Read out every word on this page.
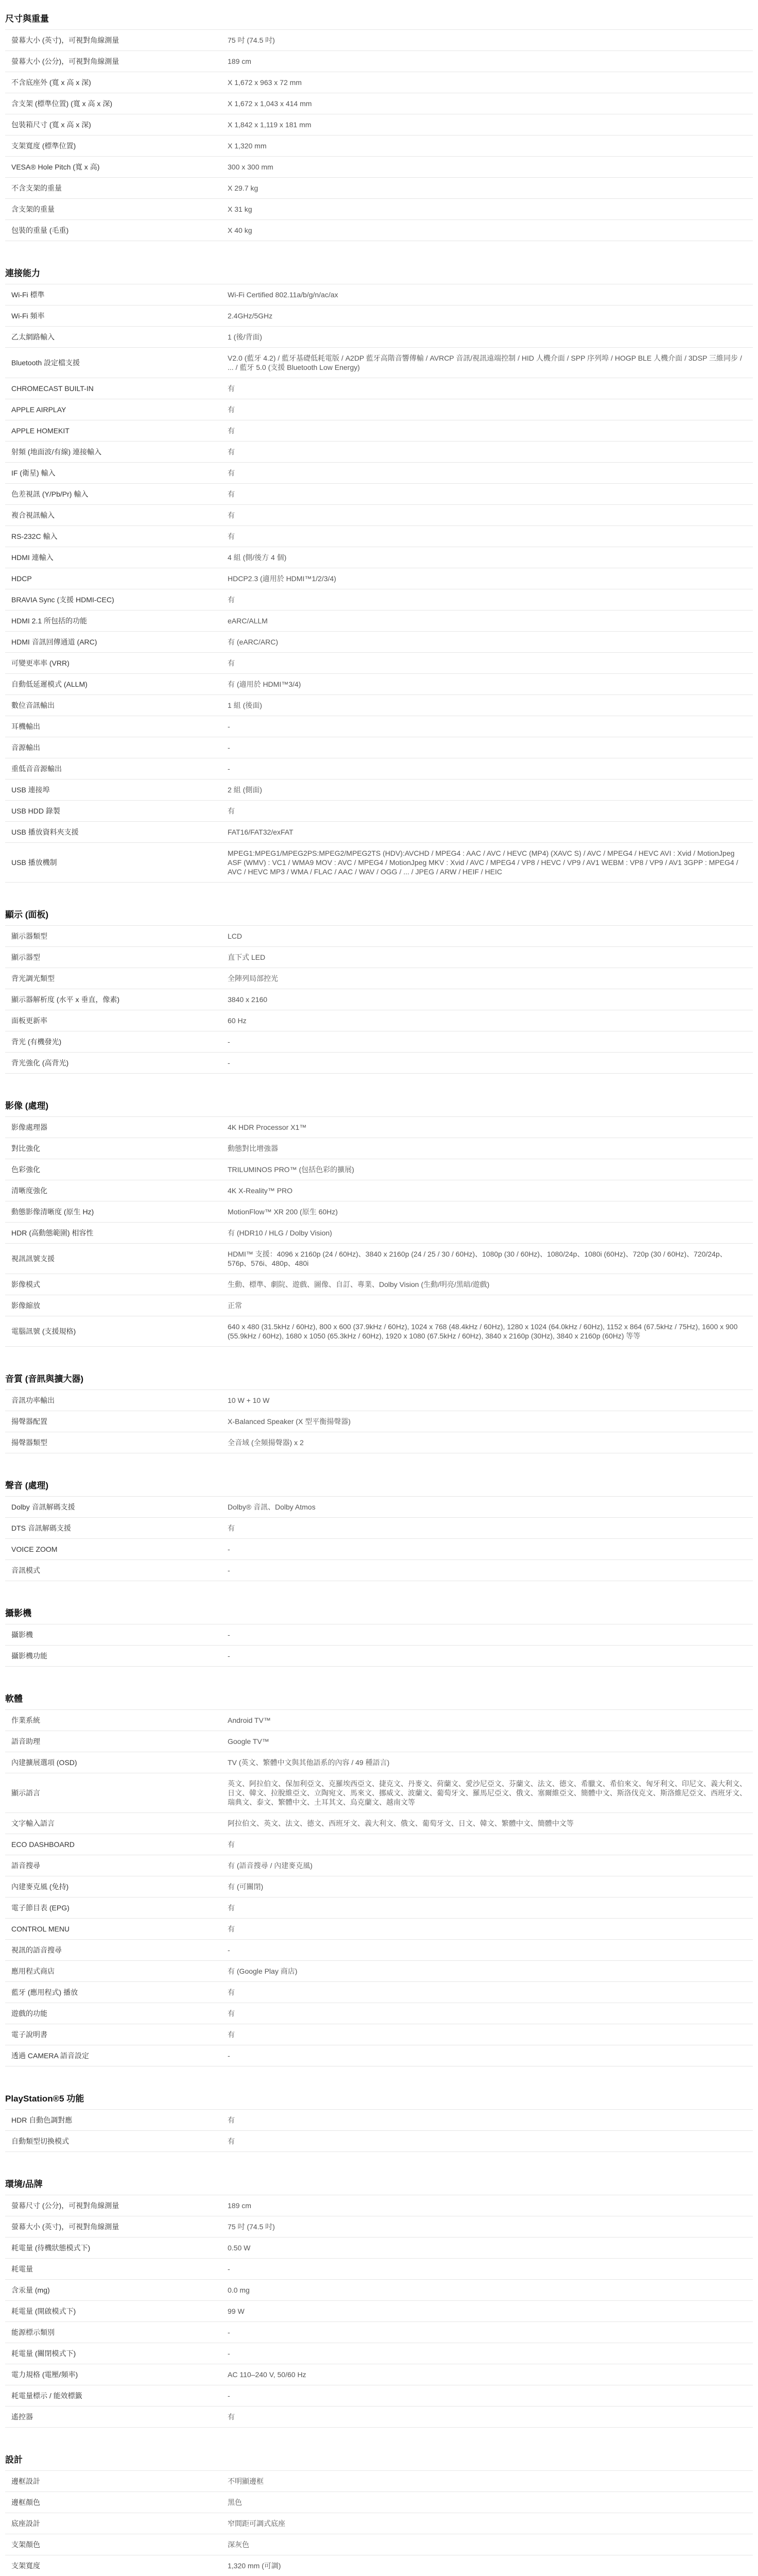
尺寸與重量
螢幕大小 (英寸)，可視對角線測量	75 吋 (74.5 吋)
螢幕大小 (公分)，可視對角線測量	189 cm
不含底座外 (寬 x 高 x 深)	X 1,672 x 963 x 72 mm
含支架 (標準位置) (寬 x 高 x 深)	X 1,672 x 1,043 x 414 mm
包裝箱尺寸 (寬 x 高 x 深)	X 1,842 x 1,119 x 181 mm
支架寬度 (標準位置)	X 1,320 mm
VESA® Hole Pitch (寬 x 高)	300 x 300 mm
不含支架的重量	X 29.7 kg
含支架的重量	X 31 kg
包裝的重量 (毛重)	X 40 kg
連接能力
Wi-Fi 標準	Wi-Fi Certified 802.11a/b/g/n/ac/ax
Wi-Fi 頻率	2.4GHz/5GHz
乙太網路輸入	1 (後/背面)
Bluetooth 設定檔支援	V2.0 (藍牙 4.2) / 藍牙基礎低耗電版 / A2DP 藍牙高階音響傳輸 / AVRCP 音訊/視訊遠端控制 / HID 人機介面 / SPP 序列埠 / HOGP BLE 人機介面 / 3DSP 三維同步 / ... / 藍牙 5.0 (支援 Bluetooth Low Energy)
CHROMECAST BUILT-IN	有
APPLE AIRPLAY	有
APPLE HOMEKIT	有
射頻 (地面波/有線) 連接輸入	有
IF (衛星) 輸入	有
色差視訊 (Y/Pb/Pr) 輸入	有
複合視訊輸入	有
RS-232C 輸入	有
HDMI 連輸入	4 組 (側/後方 4 個)
HDCP	HDCP2.3 (適用於 HDMI™1/2/3/4)
BRAVIA Sync (支援 HDMI-CEC)	有
HDMI 2.1 所包括的功能	eARC/ALLM
HDMI 音訊回傳通道 (ARC)	有 (eARC/ARC)
可變更率率 (VRR)	有
自動低延遲模式 (ALLM)	有 (適用於 HDMI™3/4)
數位音訊輸出	1 組 (後面)
耳機輸出	-
音源輸出	-
重低音音源輸出	-
USB 連接埠	2 組 (側面)
USB HDD 錄製	有
USB 播放資料夾支援	FAT16/FAT32/exFAT
USB 播放機制	MPEG1:MPEG1/MPEG2PS:MPEG2/MPEG2TS (HDV):AVCHD / MPEG4 : AAC / AVC / HEVC (MP4) (XAVC S) / AVC / MPEG4 / HEVC AVI : Xvid / MotionJpeg ASF (WMV) : VC1 / WMA9 MOV : AVC / MPEG4 / MotionJpeg MKV : Xvid / AVC / MPEG4 / VP8 / HEVC / VP9 / AV1 WEBM : VP8 / VP9 / AV1 3GPP : MPEG4 / AVC / HEVC MP3 / WMA / FLAC / AAC / WAV / OGG / ... / JPEG / ARW / HEIF / HEIC
顯示 (面板)
顯示器類型	LCD
顯示器型	直下式 LED
背光調光類型	全陣列局部控光
顯示器解析度 (水平 x 垂直，像素)	3840 x 2160
面板更新率	60 Hz
背光 (有機發光)	-
背光強化 (高背光)	-
影像 (處理)
影像處理器	4K HDR Processor X1™
對比強化	動態對比增強器
色彩強化	TRILUMINOS PRO™ (包括色彩的擴展)
清晰度強化	4K X-Reality™ PRO
動態影像清晰度 (原生 Hz)	MotionFlow™ XR 200 (原生 60Hz)
HDR (高動態範圍) 相容性	有 (HDR10 / HLG / Dolby Vision)
視訊訊號支援	HDMI™ 支援：4096 x 2160p (24 / 60Hz)、3840 x 2160p (24 / 25 / 30 / 60Hz)、1080p (30 / 60Hz)、1080/24p、1080i (60Hz)、720p (30 / 60Hz)、720/24p、576p、576i、480p、480i
影像模式	生動、標準、劇院、遊戲、圖像、自訂、專業、Dolby Vision (生動/明亮/黑暗/遊戲)
影像縮放	正常
電腦訊號 (支援規格)	640 x 480 (31.5kHz / 60Hz), 800 x 600 (37.9kHz / 60Hz), 1024 x 768 (48.4kHz / 60Hz), 1280 x 1024 (64.0kHz / 60Hz), 1152 x 864 (67.5kHz / 75Hz), 1600 x 900 (55.9kHz / 60Hz), 1680 x 1050 (65.3kHz / 60Hz), 1920 x 1080 (67.5kHz / 60Hz), 3840 x 2160p (30Hz), 3840 x 2160p (60Hz) 等等
音質 (音訊與擴大器)
音訊功率輸出	10 W + 10 W
揚聲器配置	X-Balanced Speaker (X 型平衡揚聲器)
揚聲器類型	全音域 (全頻揚聲器) x 2
聲音 (處理)
Dolby 音訊解碼支援	Dolby® 音訊、Dolby Atmos
DTS 音訊解碼支援	有
VOICE ZOOM	-
音訊模式	-
攝影機
攝影機	-
攝影機功能	-
軟體
作業系統	Android TV™
語音助理	Google TV™
內建擴展選項 (OSD)	TV (英文、繁體中文與其他語系的內容 / 49 種語言)
顯示語言	英文、阿拉伯文、保加利亞文、克羅埃西亞文、捷克文、丹麥文、荷蘭文、愛沙尼亞文、芬蘭文、法文、德文、希臘文、希伯來文、匈牙利文、印尼文、義大利文、日文、韓文、拉脫維亞文、立陶宛文、馬來文、挪威文、波蘭文、葡萄牙文、羅馬尼亞文、俄文、塞爾維亞文、簡體中文、斯洛伐克文、斯洛維尼亞文、西班牙文、瑞典文、泰文、繁體中文、土耳其文、烏克蘭文、越南文等
文字輸入語言	阿拉伯文、英文、法文、德文、西班牙文、義大利文、俄文、葡萄牙文、日文、韓文、繁體中文、簡體中文等
ECO DASHBOARD	有
語音搜尋	有 (語音搜尋 / 內建麥克風)
內建麥克風 (免持)	有 (可關閉)
電子節目表 (EPG)	有
CONTROL MENU	有
視訊的語音搜尋	-
應用程式商店	有 (Google Play 商店)
藍牙 (應用程式) 播放	有
遊戲的功能	有
電子說明書	有
透過 CAMERA 語音設定	-
PlayStation®5 功能
HDR 自動色調對應	有
自動類型切換模式	有
環境/品牌
螢幕尺寸 (公分)，可視對角線測量	189 cm
螢幕大小 (英寸)，可視對角線測量	75 吋 (74.5 吋)
耗電量 (待機狀態模式下)	0.50 W
耗電量	-
含汞量 (mg)	0.0 mg
耗電量 (開啟模式下)	99 W
能源標示類別	-
耗電量 (關閉模式下)	-
電力規格 (電壓/頻率)	AC 110–240 V, 50/60 Hz
耗電量標示 / 能效標籤	-
遙控器	有
設計
邊框設計	不明顯邊框
邊框顏色	黑色
底座設計	窄間距可調式底座
支架顏色	深灰色
支架寬度	1,320 mm (可調)
